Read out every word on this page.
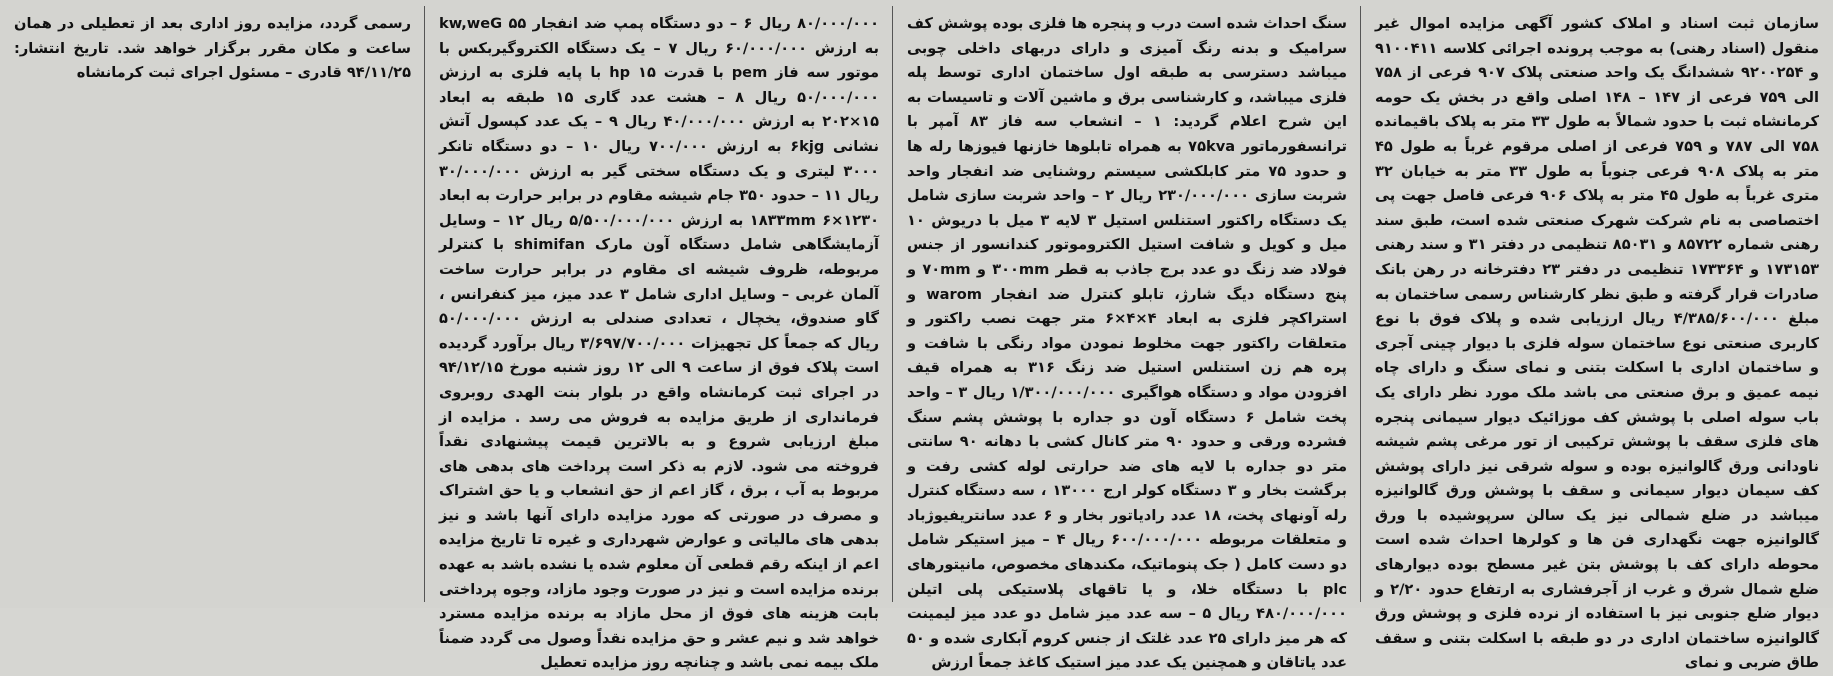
سازمان ثبت اسناد و املاک کشور آگهی مزایده اموال غیر منقول (اسناد رهنی) به موجب پرونده اجرائی کلاسه ۹۱۰۰۴۱۱ و ۹۲۰۰۲۵۴ ششدانگ یک واحد صنعتی پلاک ۹۰۷ فرعی از ۷۵۸ الی ۷۵۹ فرعی از ۱۴۷ – ۱۴۸ اصلی واقع در بخش یک حومه کرمانشاه ثبت با حدود شمالاً به طول ۳۳ متر به پلاک باقیمانده ۷۵۸ الی ۷۸۷ و ۷۵۹ فرعی از اصلی مرقوم غرباً به طول ۴۵ متر به پلاک ۹۰۸ فرعی جنوباً به طول ۳۳ متر به خیابان ۳۲ متری غرباً به طول ۴۵ متر به پلاک ۹۰۶ فرعی فاصل جهت پی اختصاصی به نام شرکت شهرک صنعتی شده است، طبق سند رهنی شماره ۸۵۷۲۲ و ۸۵۰۳۱ تنظیمی در دفتر ۳۱ و سند رهنی ۱۷۳۱۵۳ و ۱۷۳۳۶۴ تنظیمی در دفتر ۲۳ دفترخانه در رهن بانک صادرات قرار گرفته و طبق نظر کارشناس رسمی ساختمان به مبلغ ۴/۳۸۵/۶۰۰/۰۰۰ ریال ارزیابی شده و پلاک فوق با نوع کاربری صنعتی نوع ساختمان سوله فلزی با دیوار چینی آجری و ساختمان اداری با اسکلت بتنی و نمای سنگ و دارای چاه نیمه عمیق و برق صنعتی می باشد ملک مورد نظر دارای یک باب سوله اصلی با پوشش کف موزائیک دیوار سیمانی پنجره های فلزی سقف با پوشش ترکیبی از تور مرغی پشم شیشه ناودانی ورق گالوانیزه بوده و سوله شرقی نیز دارای پوشش کف سیمان دیوار سیمانی و سقف با پوشش ورق گالوانیزه میباشد در ضلع شمالی نیز یک سالن سرپوشیده با ورق گالوانیزه جهت نگهداری فن ها و کولرها احداث شده است محوطه دارای کف با پوشش بتن غیر مسطح بوده دیوارهای ضلع شمال شرق و غرب از آجرفشاری به ارتفاع حدود ۲/۲۰ و دیوار ضلع جنوبی نیز با استفاده از نرده فلزی و پوشش ورق گالوانیزه ساختمان اداری در دو طبقه با اسکلت بتنی و سقف طاق ضربی و نمای

سنگ احداث شده است درب و پنجره ها فلزی بوده پوشش کف سرامیک و بدنه رنگ آمیزی و دارای دربهای داخلی چوبی میباشد دسترسی به طبقه اول ساختمان اداری توسط پله فلزی میباشد، و کارشناسی برق و ماشین آلات و تاسیسات به این شرح اعلام گردید: ۱ – انشعاب سه فاز ۸۳ آمپر با ترانسفورماتور ۷۵kva به همراه تابلوها خازنها فیوزها رله ها و حدود ۷۵ متر کابلکشی سیستم روشنایی ضد انفجار واحد شربت سازی ۲۳۰/۰۰۰/۰۰۰ ریال ۲ – واحد شربت سازی شامل یک دستگاه راکتور استنلس استیل ۳ لایه ۳ میل با دریوش ۱۰ میل و کویل و شافت استیل الکتروموتور کندانسور از جنس فولاد ضد زنگ دو عدد برج جاذب به قطر ۳۰۰mm و ۷۰mm و پنج دستگاه دیگ شارژ، تابلو کنترل ضد انفجار warom و استراکچر فلزی به ابعاد ۴×۴×۶ متر جهت نصب راکتور و متعلقات راکتور جهت مخلوط نمودن مواد رنگی با شافت و پره هم زن استنلس استیل ضد زنگ ۳۱۶ به همراه قیف افزودن مواد و دستگاه هواگیری ۱/۳۰۰/۰۰۰/۰۰۰ ریال ۳ – واحد پخت شامل ۶ دستگاه آون دو جداره با پوشش پشم سنگ فشرده ورقی و حدود ۹۰ متر کانال کشی با دهانه ۹۰ سانتی متر دو جداره با لایه های ضد حرارتی لوله کشی رفت و برگشت بخار و ۳ دستگاه کولر ارج ۱۳۰۰۰ ، سه دستگاه کنترل رله آونهای پخت، ۱۸ عدد رادیاتور بخار و ۶ عدد سانتریفیوژباد و متعلقات مربوطه ۶۰۰/۰۰۰/۰۰۰ ریال ۴ – میز استیکر شامل دو دست کامل ( جک پنوماتیک، مکندهای مخصوص، مانیتورهای plc با دستگاه خلا، و یا تاقهای پلاستیکی پلی اتیلن ۴۸۰/۰۰۰/۰۰۰ ریال ۵ – سه عدد میز شامل دو عدد میز لیمینت که هر میز دارای ۲۵ عدد غلتک از جنس کروم آبکاری شده و ۵۰ عدد یاتاقان و همچنین یک عدد میز استیک کاغذ جمعاً ارزش

۸۰/۰۰۰/۰۰۰ ریال ۶ – دو دستگاه پمپ ضد انفجار ۵۵ kw,weG به ارزش ۶۰/۰۰۰/۰۰۰ ریال ۷ – یک دستگاه الکتروگیربکس با موتور سه فاز pem با قدرت ۱۵ hp با پایه فلزی به ارزش ۵۰/۰۰۰/۰۰۰ ریال ۸ – هشت عدد گاری ۱۵ طبقه به ابعاد ۱۵×۲۰۲ به ارزش ۴۰/۰۰۰/۰۰۰ ریال ۹ – یک عدد کپسول آتش نشانی ۶kjg به ارزش ۷۰۰/۰۰۰ ریال ۱۰ – دو دستگاه تانکر ۳۰۰۰ لیتری و یک دستگاه سختی گیر به ارزش ۳۰/۰۰۰/۰۰۰ ریال ۱۱ – حدود ۳۵۰ جام شیشه مقاوم در برابر حرارت به ابعاد ۱۲۳۰×۱۸۳۳mm ۶ به ارزش ۵/۵۰۰/۰۰۰/۰۰۰ ریال ۱۲ – وسایل آزمایشگاهی شامل دستگاه آون مارک shimifan با کنترلر مربوطه، ظروف شیشه ای مقاوم در برابر حرارت ساخت آلمان غربی – وسایل اداری شامل ۳ عدد میز، میز کنفرانس ، گاو صندوق، یخچال ، تعدادی صندلی به ارزش ۵۰/۰۰۰/۰۰۰ ریال که جمعاً کل تجهیزات ۳/۶۹۷/۷۰۰/۰۰۰ ریال برآورد گردیده است پلاک فوق از ساعت ۹ الی ۱۲ روز شنبه مورخ ۹۴/۱۲/۱۵ در اجرای ثبت کرمانشاه واقع در بلوار بنت الهدی روبروی فرمانداری از طریق مزایده به فروش می رسد . مزایده از مبلغ ارزیابی شروع و به بالاترین قیمت پیشنهادی نقداً فروخته می شود. لازم به ذکر است پرداخت های بدهی های مربوط به آب ، برق ، گاز اعم از حق انشعاب و یا حق اشتراک و مصرف در صورتی که مورد مزایده دارای آنها باشد و نیز بدهی های مالیاتی و عوارض شهرداری و غیره تا تاریخ مزایده اعم از اینکه رقم قطعی آن معلوم شده یا نشده باشد به عهده برنده مزایده است و نیز در صورت وجود مازاد، وجوه پرداختی بابت هزینه های فوق از محل مازاد به برنده مزایده مسترد خواهد شد و نیم عشر و حق مزایده نقداً وصول می گردد ضمناً ملک بیمه نمی باشد و چنانچه روز مزایده تعطیل

رسمی گردد، مزایده روز اداری بعد از تعطیلی در همان ساعت و مکان مقرر برگزار خواهد شد. تاریخ انتشار: ۹۴/۱۱/۲۵ قادری – مسئول اجرای ثبت کرمانشاه
